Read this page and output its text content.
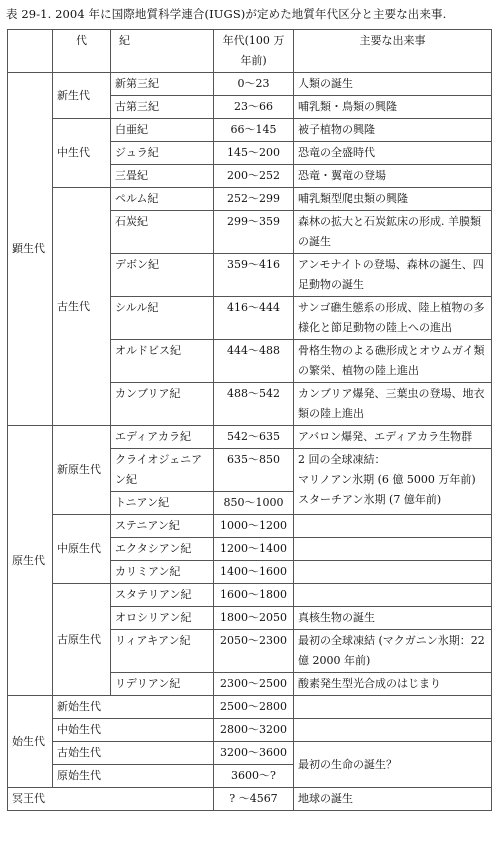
表 29-1. 2004 年に国際地質科学連合(IUGS)が定めた地質年代区分と主要な出来事.
	代	紀	年代(100 万年前)	主要な出来事
顕生代	新生代	新第三紀	0～23	人類の誕生
		古第三紀	23～66	哺乳類・鳥類の興隆
	中生代	白亜紀	66～145	被子植物の興隆
		ジュラ紀	145～200	恐竜の全盛時代
		三畳紀	200～252	恐竜・翼竜の登場
	古生代	ペルム紀	252～299	哺乳類型爬虫類の興隆
		石炭紀	299～359	森林の拡大と石炭鉱床の形成. 羊膜類の誕生
		デボン紀	359～416	アンモナイトの登場、森林の誕生、四足動物の誕生
		シルル紀	416～444	サンゴ礁生態系の形成、陸上植物の多様化と節足動物の陸上への進出
		オルドビス紀	444～488	骨格生物のよる礁形成とオウムガイ類の繁栄、植物の陸上進出
		カンブリア紀	488～542	カンブリア爆発、三葉虫の登場、地衣類の陸上進出
原生代	新原生代	エディアカラ紀	542～635	アバロン爆発、エディアカラ生物群
		クライオジェニアン紀	635～850	2 回の全球凍結：
マリノアン氷期 (6 億 5000 万年前)
スターチアン氷期 (7 億年前)

		トニアン紀	850～1000	
	中原生代	ステニアン紀	1000～1200	
		エクタシアン紀	1200～1400	
		カリミアン紀	1400～1600	
	古原生代	スタテリアン紀	1600～1800	
		オロシリアン紀	1800～2050	真核生物の誕生
		リィアキアン紀	2050～2300	最初の全球凍結 (マクガニン氷期：22 億 2000 年前)
		リデリアン紀	2300～2500	酸素発生型光合成のはじまり
始生代	新始生代		2500～2800	
	中始生代		2800～3200	
	古始生代		3200～3600	最初の生命の誕生？
	原始生代		3600～?	
冥王代			? ～4567	地球の誕生
